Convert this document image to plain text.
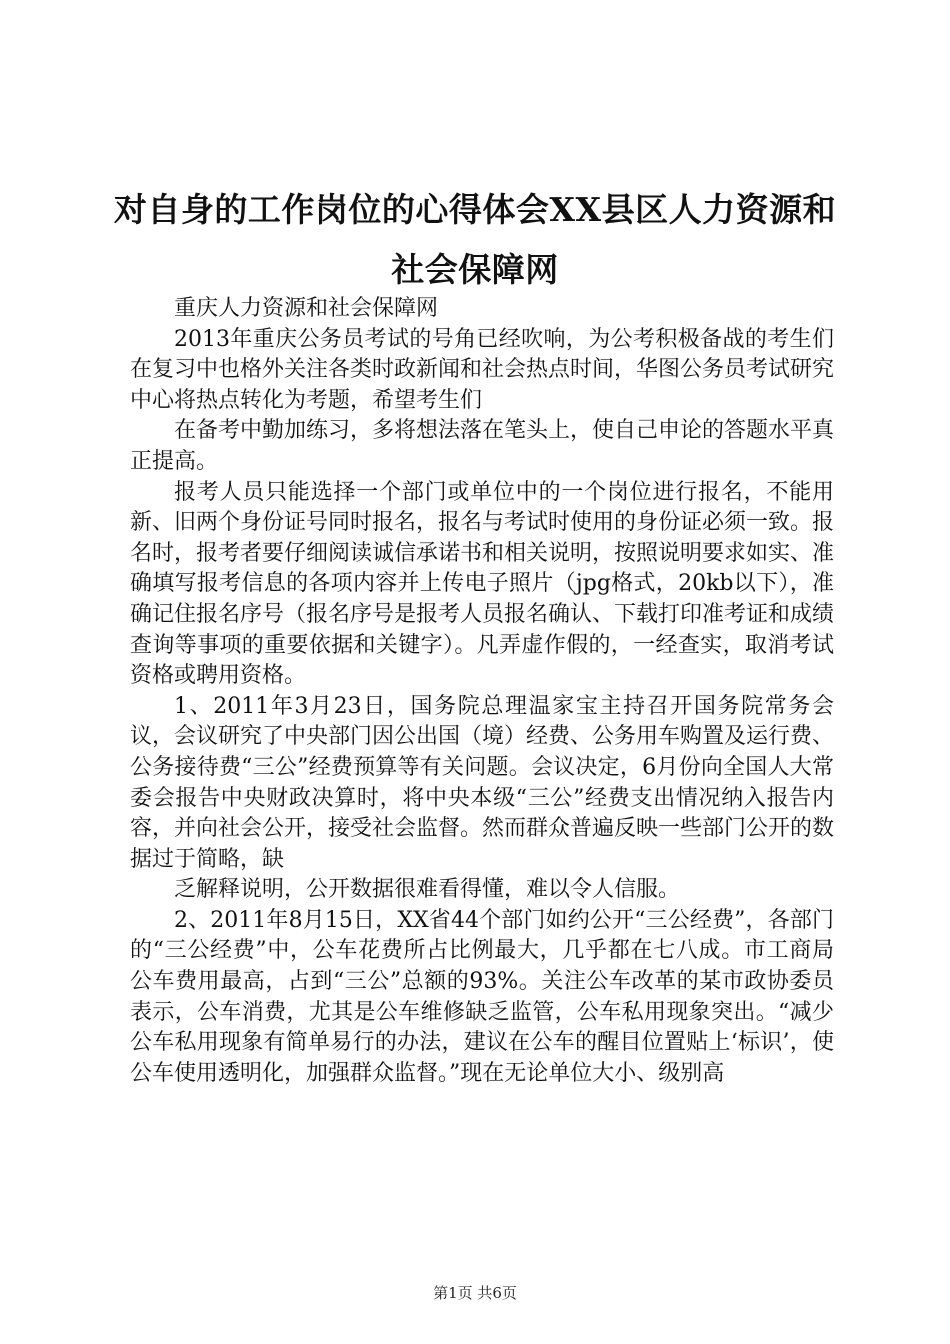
对自身的工作岗位的心得体会XX县区人力资源和社会保障网

重庆人力资源和社会保障网

2013年重庆公务员考试的号角已经吹响，为公考积极备战的考生们在复习中也格外关注各类时政新闻和社会热点时间，华图公务员考试研究中心将热点转化为考题，希望考生们

在备考中勤加练习，多将想法落在笔头上，使自己申论的答题水平真正提高。

报考人员只能选择一个部门或单位中的一个岗位进行报名，不能用新、旧两个身份证号同时报名，报名与考试时使用的身份证必须一致。报名时，报考者要仔细阅读诚信承诺书和相关说明，按照说明要求如实、准确填写报考信息的各项内容并上传电子照片（jpg格式，20kb以下），准确记住报名序号（报名序号是报考人员报名确认、下载打印准考证和成绩查询等事项的重要依据和关键字）。凡弄虚作假的，一经查实，取消考试资格或聘用资格。

1、2011年3月23日，国务院总理温家宝主持召开国务院常务会议，会议研究了中央部门因公出国（境）经费、公务用车购置及运行费、公务接待费“三公”经费预算等有关问题。会议决定，6月份向全国人大常委会报告中央财政决算时，将中央本级“三公”经费支出情况纳入报告内容，并向社会公开，接受社会监督。然而群众普遍反映一些部门公开的数据过于简略，缺

乏解释说明，公开数据很难看得懂，难以令人信服。

2、2011年8月15日，XX省44个部门如约公开“三公经费”，各部门的“三公经费”中，公车花费所占比例最大，几乎都在七八成。市工商局公车费用最高，占到“三公”总额的93%。关注公车改革的某市政协委员表示，公车消费，尤其是公车维修缺乏监管，公车私用现象突出。“减少公车私用现象有简单易行的办法，建议在公车的醒目位置贴上‘标识’，使公车使用透明化，加强群众监督。”现在无论单位大小、级别高

第1页 共6页
